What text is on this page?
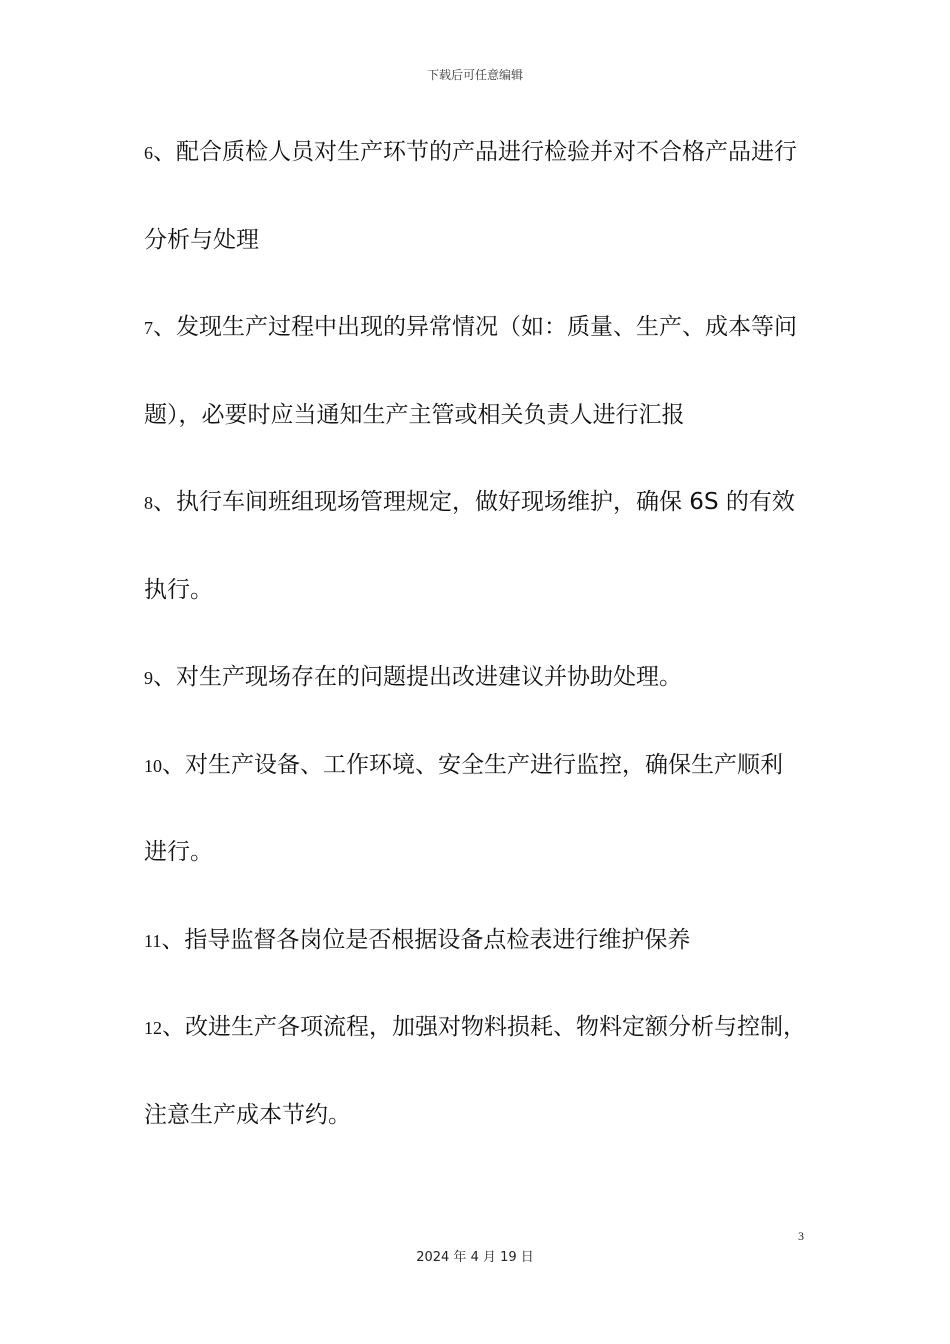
下载后可任意编辑
6、配合质检人员对生产环节的产品进行检验并对不合格产品进行
分析与处理
7、发现生产过程中出现的异常情况（如：质量、生产、成本等问
题），必要时应当通知生产主管或相关负责人进行汇报
8、执行车间班组现场管理规定，做好现场维护，确保 6S 的有效
执行。
9、对生产现场存在的问题提出改进建议并协助处理。
10、对生产设备、工作环境、安全生产进行监控，确保生产顺利
进行。
11、指导监督各岗位是否根据设备点检表进行维护保养
12、改进生产各项流程，加强对物料损耗、物料定额分析与控制，
注意生产成本节约。
3
2024 年 4 月 19 日
